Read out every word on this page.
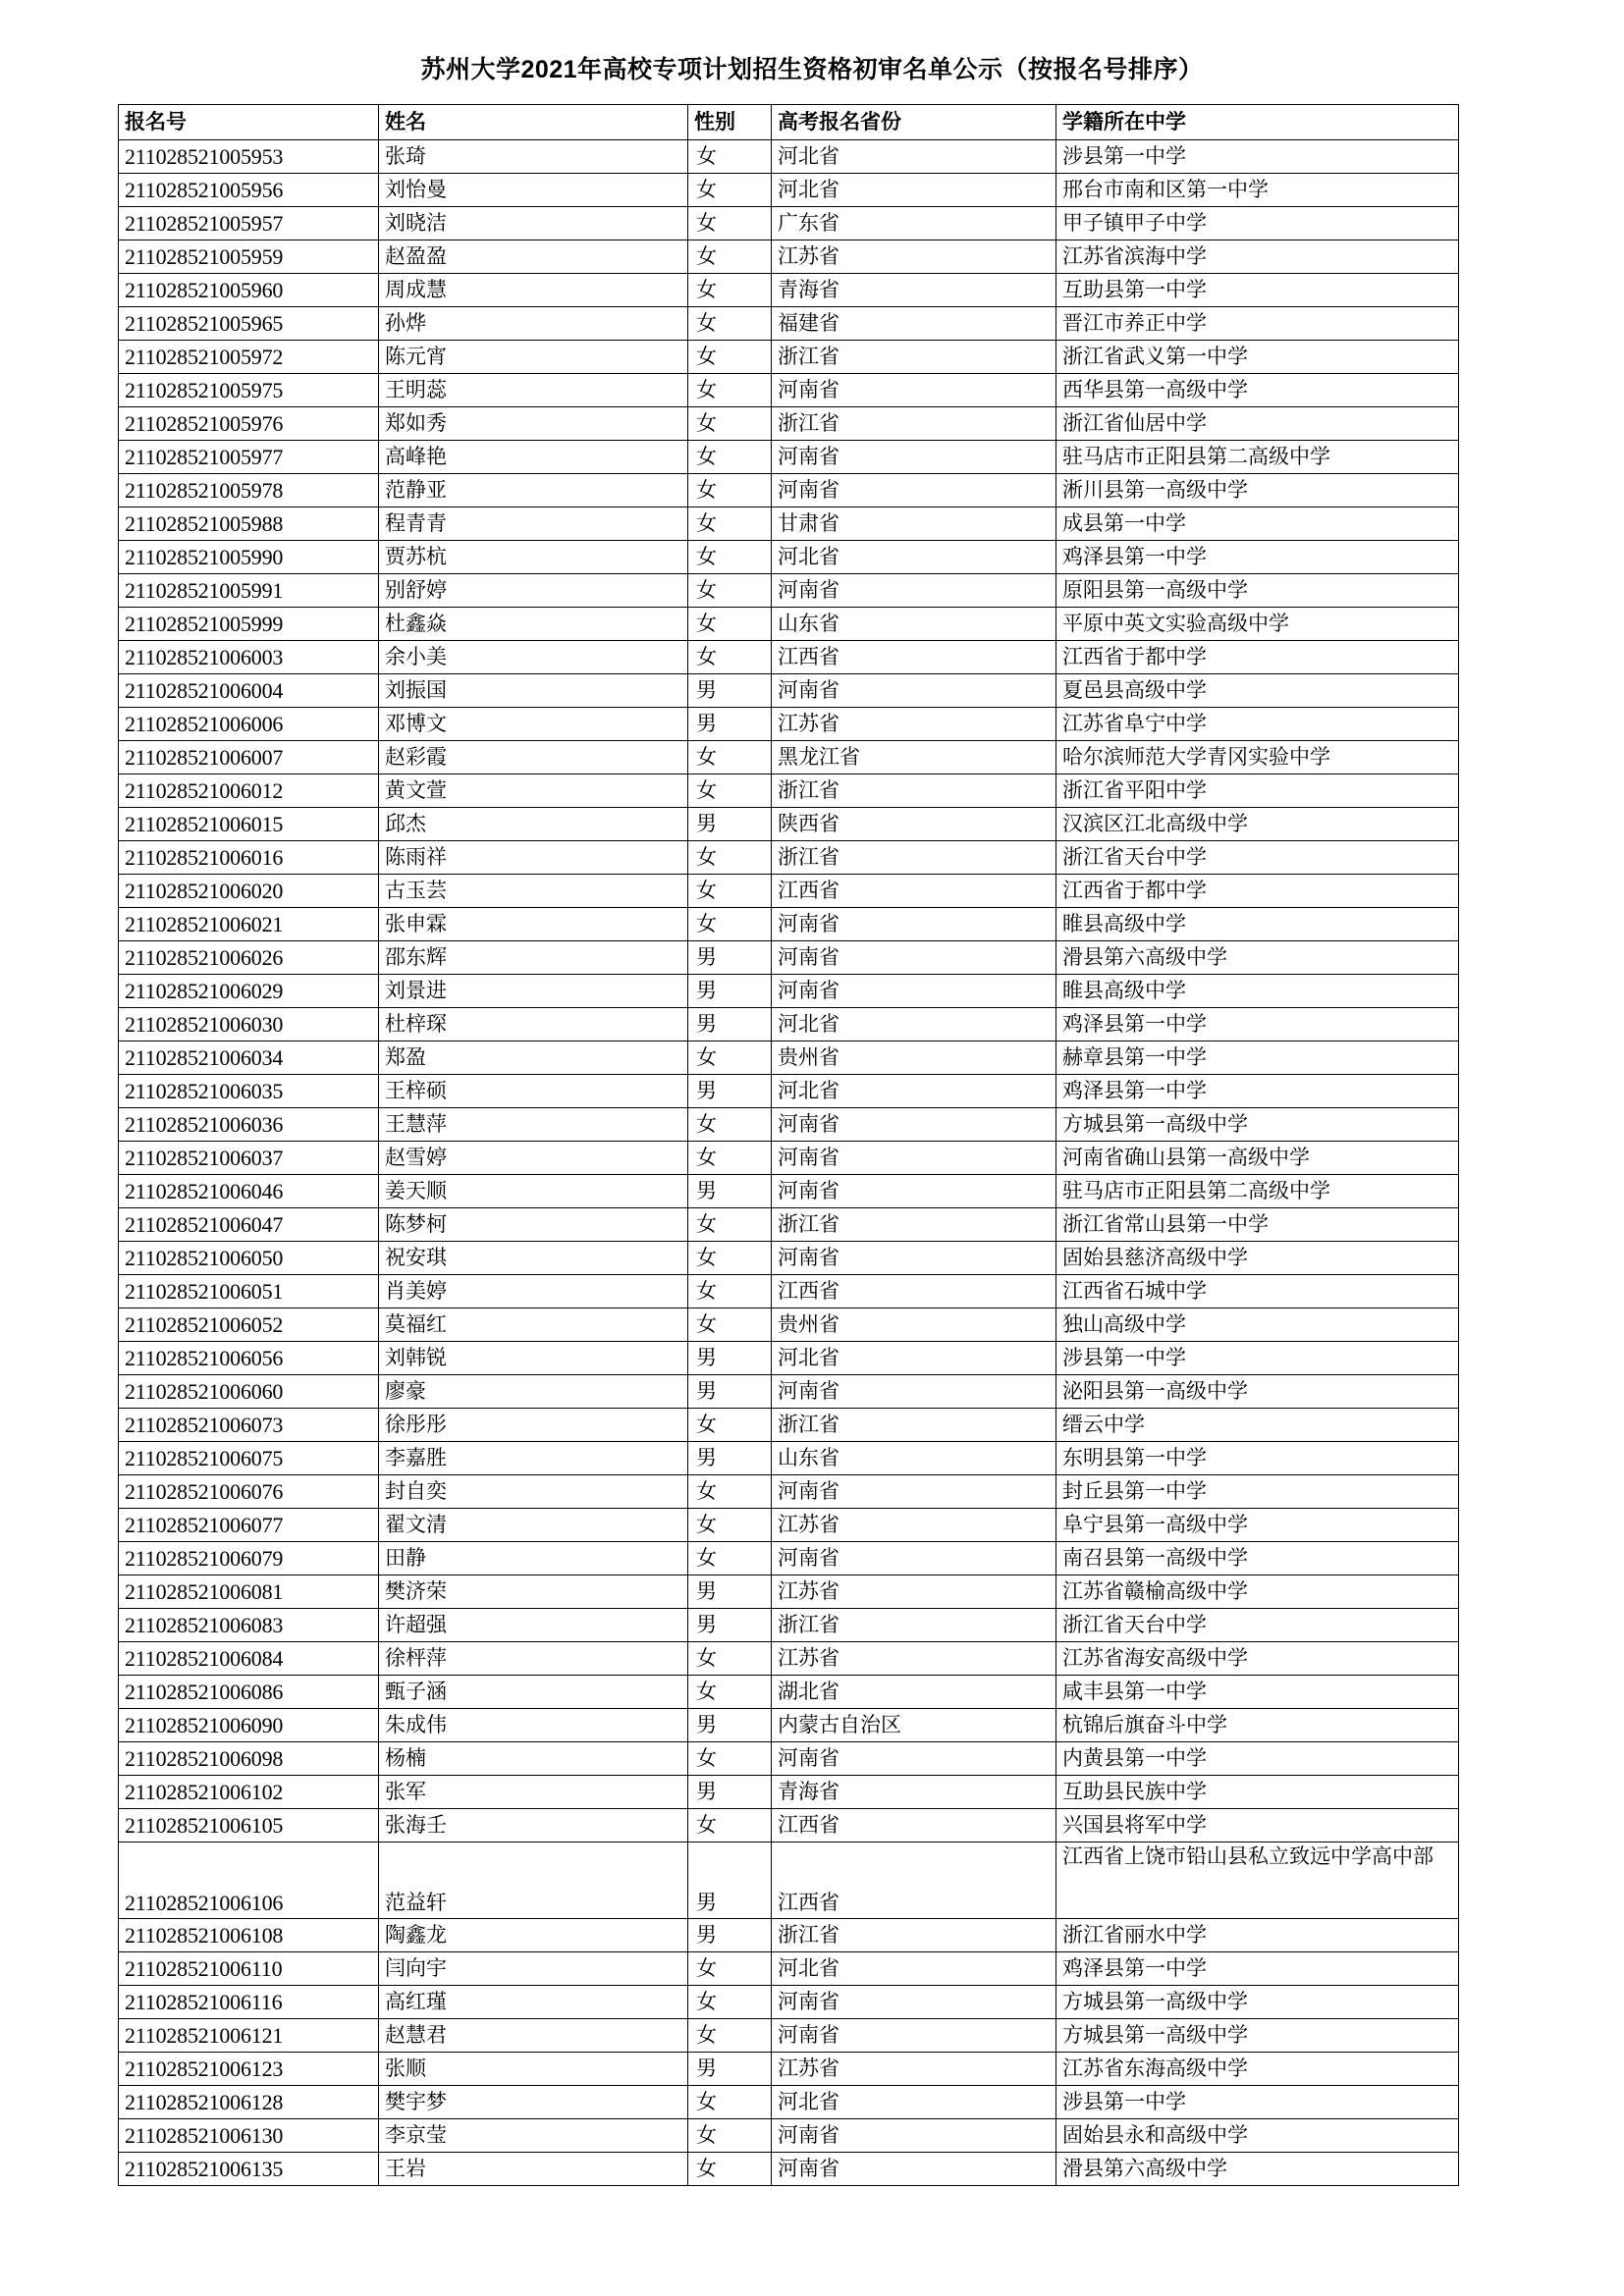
苏州大学2021年高校专项计划招生资格初审名单公示（按报名号排序）
报名号	姓名	性别	高考报名省份	学籍所在中学
211028521005953	张琦	女	河北省	涉县第一中学
211028521005956	刘怡曼	女	河北省	邢台市南和区第一中学
211028521005957	刘晓洁	女	广东省	甲子镇甲子中学
211028521005959	赵盈盈	女	江苏省	江苏省滨海中学
211028521005960	周成慧	女	青海省	互助县第一中学
211028521005965	孙烨	女	福建省	晋江市养正中学
211028521005972	陈元宵	女	浙江省	浙江省武义第一中学
211028521005975	王明蕊	女	河南省	西华县第一高级中学
211028521005976	郑如秀	女	浙江省	浙江省仙居中学
211028521005977	高峰艳	女	河南省	驻马店市正阳县第二高级中学
211028521005978	范静亚	女	河南省	淅川县第一高级中学
211028521005988	程青青	女	甘肃省	成县第一中学
211028521005990	贾苏杭	女	河北省	鸡泽县第一中学
211028521005991	别舒婷	女	河南省	原阳县第一高级中学
211028521005999	杜鑫焱	女	山东省	平原中英文实验高级中学
211028521006003	余小美	女	江西省	江西省于都中学
211028521006004	刘振国	男	河南省	夏邑县高级中学
211028521006006	邓博文	男	江苏省	江苏省阜宁中学
211028521006007	赵彩霞	女	黑龙江省	哈尔滨师范大学青冈实验中学
211028521006012	黄文萱	女	浙江省	浙江省平阳中学
211028521006015	邱杰	男	陕西省	汉滨区江北高级中学
211028521006016	陈雨祥	女	浙江省	浙江省天台中学
211028521006020	古玉芸	女	江西省	江西省于都中学
211028521006021	张申霖	女	河南省	睢县高级中学
211028521006026	邵东辉	男	河南省	滑县第六高级中学
211028521006029	刘景进	男	河南省	睢县高级中学
211028521006030	杜梓琛	男	河北省	鸡泽县第一中学
211028521006034	郑盈	女	贵州省	赫章县第一中学
211028521006035	王梓硕	男	河北省	鸡泽县第一中学
211028521006036	王慧萍	女	河南省	方城县第一高级中学
211028521006037	赵雪婷	女	河南省	河南省确山县第一高级中学
211028521006046	姜天顺	男	河南省	驻马店市正阳县第二高级中学
211028521006047	陈梦柯	女	浙江省	浙江省常山县第一中学
211028521006050	祝安琪	女	河南省	固始县慈济高级中学
211028521006051	肖美婷	女	江西省	江西省石城中学
211028521006052	莫福红	女	贵州省	独山高级中学
211028521006056	刘韩锐	男	河北省	涉县第一中学
211028521006060	廖豪	男	河南省	泌阳县第一高级中学
211028521006073	徐彤彤	女	浙江省	缙云中学
211028521006075	李嘉胜	男	山东省	东明县第一中学
211028521006076	封自奕	女	河南省	封丘县第一中学
211028521006077	翟文清	女	江苏省	阜宁县第一高级中学
211028521006079	田静	女	河南省	南召县第一高级中学
211028521006081	樊济荣	男	江苏省	江苏省赣榆高级中学
211028521006083	许超强	男	浙江省	浙江省天台中学
211028521006084	徐枰萍	女	江苏省	江苏省海安高级中学
211028521006086	甄子涵	女	湖北省	咸丰县第一中学
211028521006090	朱成伟	男	内蒙古自治区	杭锦后旗奋斗中学
211028521006098	杨楠	女	河南省	内黄县第一中学
211028521006102	张军	男	青海省	互助县民族中学
211028521006105	张海壬	女	江西省	兴国县将军中学
211028521006106	范益轩	男	江西省	江西省上饶市铅山县私立致远中学高中部
211028521006108	陶鑫龙	男	浙江省	浙江省丽水中学
211028521006110	闫向宇	女	河北省	鸡泽县第一中学
211028521006116	高红瑾	女	河南省	方城县第一高级中学
211028521006121	赵慧君	女	河南省	方城县第一高级中学
211028521006123	张顺	男	江苏省	江苏省东海高级中学
211028521006128	樊宇梦	女	河北省	涉县第一中学
211028521006130	李京莹	女	河南省	固始县永和高级中学
211028521006135	王岩	女	河南省	滑县第六高级中学
